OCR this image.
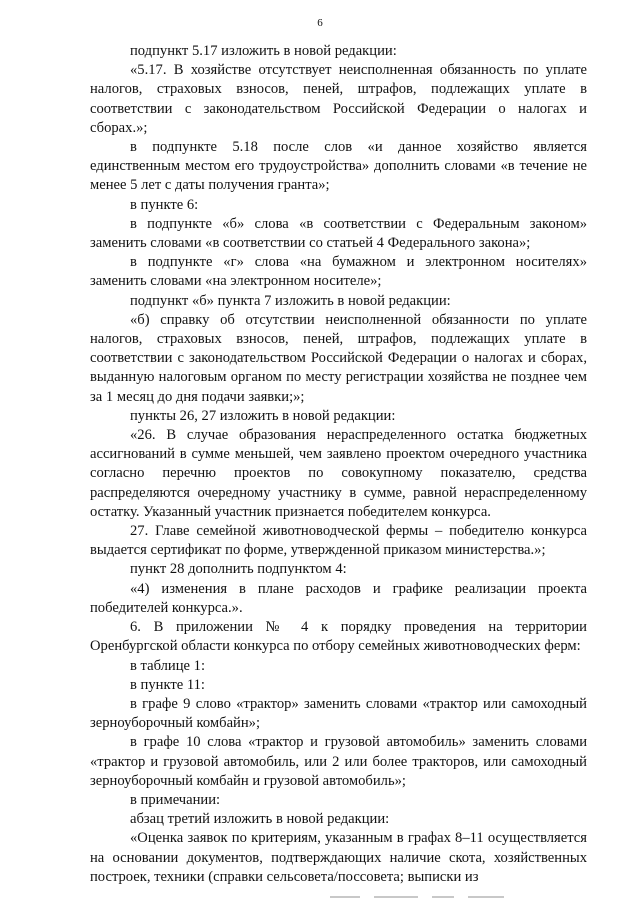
6

подпункт 5.17 изложить в новой редакции:

«5.17. В хозяйстве отсутствует неисполненная обязанность по уплате налогов, страховых взносов, пеней, штрафов, подлежащих уплате в соответствии с законодательством Российской Федерации о налогах и сборах.»;

в подпункте 5.18 после слов «и данное хозяйство является единственным местом его трудоустройства» дополнить словами «в течение не менее 5 лет с даты получения гранта»;

в пункте 6:

в подпункте «б» слова «в соответствии с Федеральным законом» заменить словами «в соответствии со статьей 4 Федерального закона»;

в подпункте «г» слова «на бумажном и электронном носителях» заменить словами «на электронном носителе»;

подпункт «б» пункта 7 изложить в новой редакции:

«б) справку об отсутствии неисполненной обязанности по уплате налогов, страховых взносов, пеней, штрафов, подлежащих уплате в соответствии с законодательством Российской Федерации о налогах и сборах, выданную налоговым органом по месту регистрации хозяйства не позднее чем за 1 месяц до дня подачи заявки;»;

пункты 26, 27 изложить в новой редакции:

«26. В случае образования нераспределенного остатка бюджетных ассигнований в сумме меньшей, чем заявлено проектом очередного участника согласно перечню проектов по совокупному показателю, средства распределяются очередному участнику в сумме, равной нераспределенному остатку. Указанный участник признается победителем конкурса.

27. Главе семейной животноводческой фермы – победителю конкурса выдается сертификат по форме, утвержденной приказом министерства.»;

пункт 28 дополнить подпунктом 4:

«4) изменения в плане расходов и графике реализации проекта победителей конкурса.».

6. В приложении № 4 к порядку проведения на территории Оренбургской области конкурса по отбору семейных животноводческих ферм:

в таблице 1:

в пункте 11:

в графе 9 слово «трактор» заменить словами «трактор или самоходный зерноуборочный комбайн»;

в графе 10 слова «трактор и грузовой автомобиль» заменить словами «трактор и грузовой автомобиль, или 2 или более тракторов, или самоходный зерноуборочный комбайн и грузовой автомобиль»;

в примечании:

абзац третий изложить в новой редакции:

«Оценка заявок по критериям, указанным в графах 8–11 осуществляется на основании документов, подтверждающих наличие скота, хозяйственных построек, техники (справки сельсовета/поссовета; выписки из
